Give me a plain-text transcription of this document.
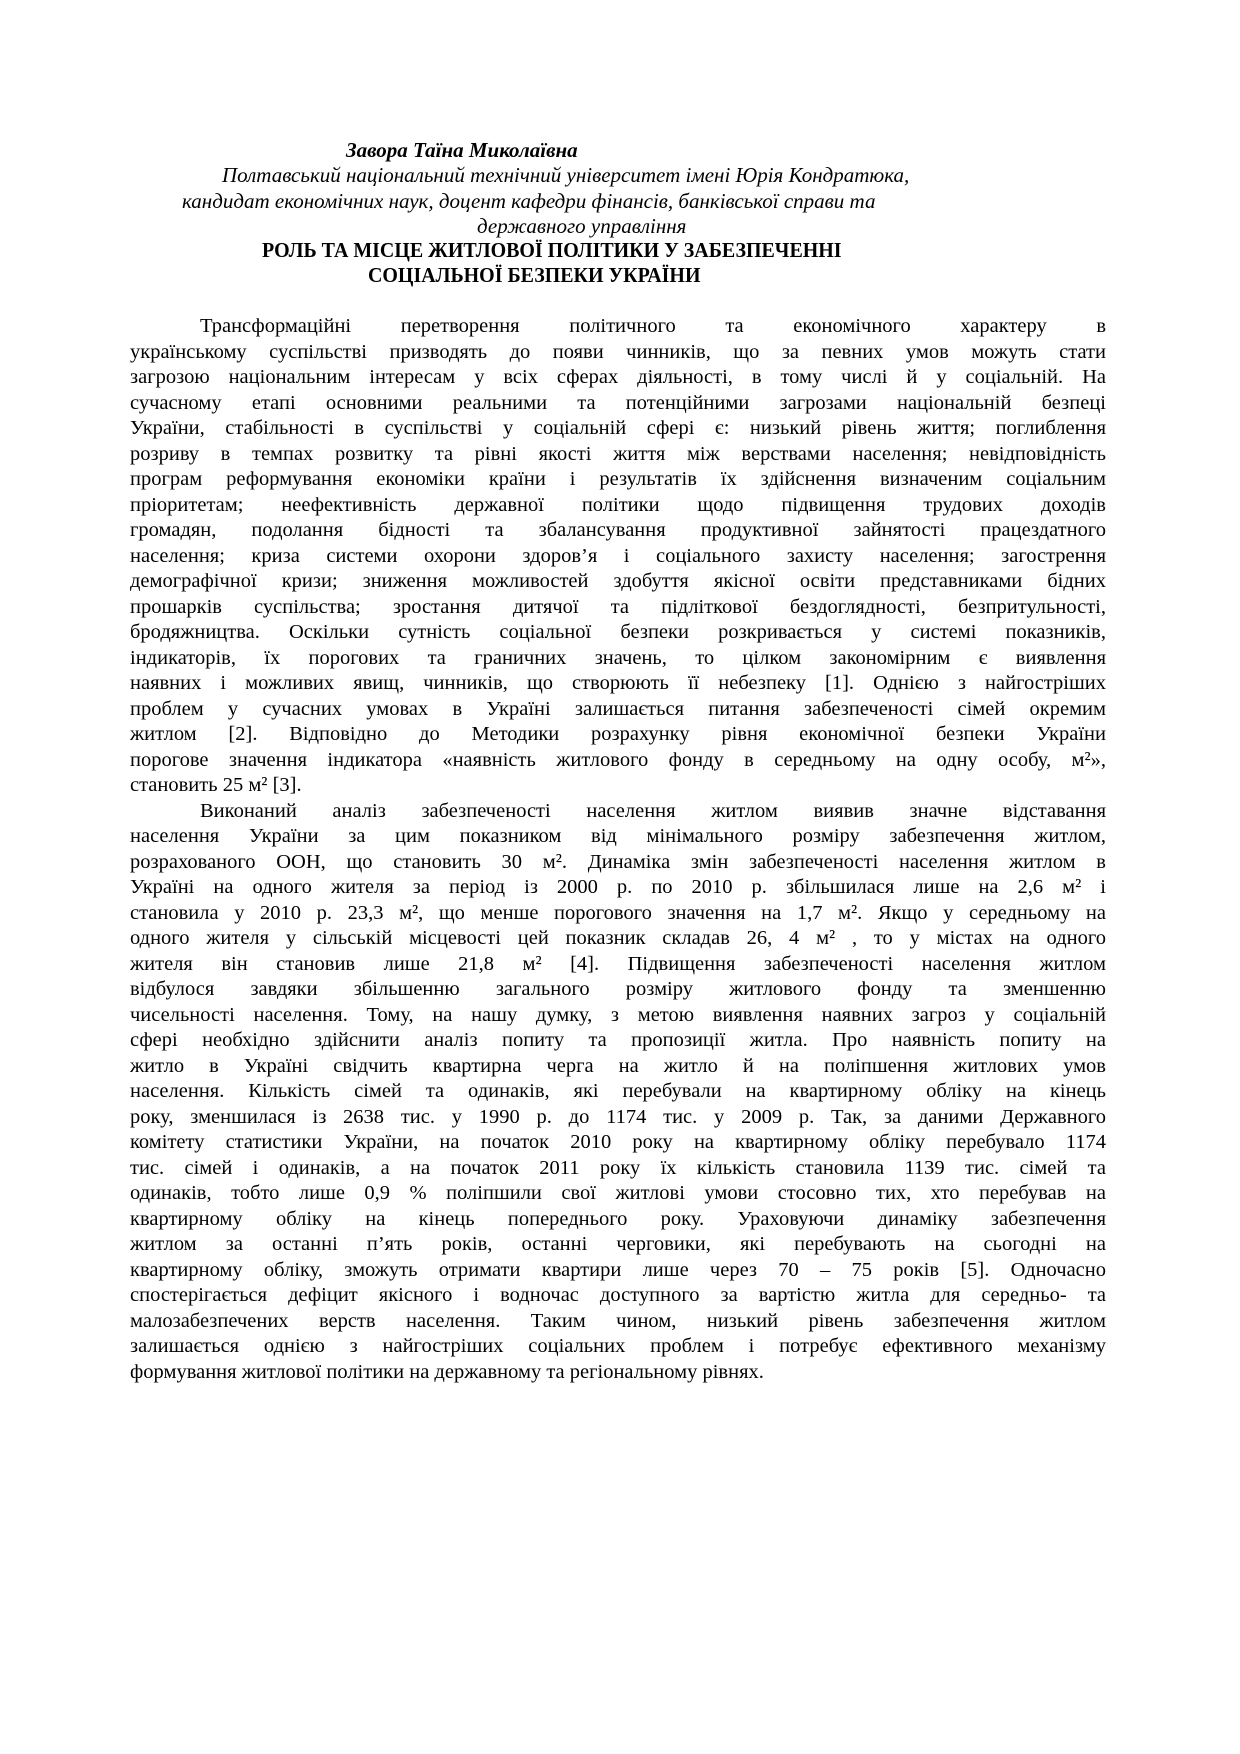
Завора Таїна Миколаївна
Полтавський національний технічний університет імені Юрія Кондратюка,
кандидат економічних наук, доцент кафедри фінансів, банківської справи та
державного управління
РОЛЬ ТА МІСЦЕ ЖИТЛОВОЇ ПОЛІТИКИ У ЗАБЕЗПЕЧЕННІ
СОЦІАЛЬНОЇ БЕЗПЕКИ УКРАЇНИ
Трансформаційні перетворення політичного та економічного характеру в
українському суспільстві призводять до появи чинників, що за певних умов можуть стати
загрозою національним інтересам у всіх сферах діяльності, в тому числі й у соціальній. На
сучасному етапі основними реальними та потенційними загрозами національній безпеці
України, стабільності в суспільстві у соціальній сфері є: низький рівень життя; поглиблення
розриву в темпах розвитку та рівні якості життя між верствами населення; невідповідність
програм реформування економіки країни і результатів їх здійснення визначеним соціальним
пріоритетам; неефективність державної політики щодо підвищення трудових доходів
громадян, подолання бідності та збалансування продуктивної зайнятості працездатного
населення; криза системи охорони здоров’я і соціального захисту населення; загострення
демографічної кризи; зниження можливостей здобуття якісної освіти представниками бідних
прошарків суспільства; зростання дитячої та підліткової бездоглядності, безпритульності,
бродяжництва. Оскільки сутність соціальної безпеки розкривається у системі показників,
індикаторів, їх порогових та граничних значень, то цілком закономірним є виявлення
наявних і можливих явищ, чинників, що створюють її небезпеку [1]. Однією з найгостріших
проблем у сучасних умовах в Україні залишається питання забезпеченості сімей окремим
житлом [2]. Відповідно до Методики розрахунку рівня економічної безпеки України
порогове значення індикатора «наявність житлового фонду в середньому на одну особу, м²»,
становить 25 м² [3].
Виконаний аналіз забезпеченості населення житлом виявив значне відставання
населення України за цим показником від мінімального розміру забезпечення житлом,
розрахованого ООН, що становить 30 м². Динаміка змін забезпеченості населення житлом в
Україні на одного жителя за період із 2000 р. по 2010 р. збільшилася лише на 2,6 м² і
становила у 2010 р. 23,3 м², що менше порогового значення на 1,7 м². Якщо у середньому на
одного жителя у сільській місцевості цей показник складав 26, 4 м² , то у містах на одного
жителя він становив лише 21,8 м² [4]. Підвищення забезпеченості населення житлом
відбулося завдяки збільшенню загального розміру житлового фонду та зменшенню
чисельності населення. Тому, на нашу думку, з метою виявлення наявних загроз у соціальній
сфері необхідно здійснити аналіз попиту та пропозиції житла. Про наявність попиту на
житло в Україні свідчить квартирна черга на житло й на поліпшення житлових умов
населення. Кількість сімей та одинаків, які перебували на квартирному обліку на кінець
року, зменшилася із 2638 тис. у 1990 р. до 1174 тис. у 2009 р. Так, за даними Державного
комітету статистики України, на початок 2010 року на квартирному обліку перебувало 1174
тис. сімей і одинаків, а на початок 2011 року їх кількість становила 1139 тис. сімей та
одинаків, тобто лише 0,9 % поліпшили свої житлові умови стосовно тих, хто перебував на
квартирному обліку на кінець попереднього року. Ураховуючи динаміку забезпечення
житлом за останні п’ять років, останні черговики, які перебувають на сьогодні на
квартирному обліку, зможуть отримати квартири лише через 70 – 75 років [5]. Одночасно
спостерігається дефіцит якісного і водночас доступного за вартістю житла для середньо- та
малозабезпечених верств населення. Таким чином, низький рівень забезпечення житлом
залишається однією з найгостріших соціальних проблем і потребує ефективного механізму
формування житлової політики на державному та регіональному рівнях.
